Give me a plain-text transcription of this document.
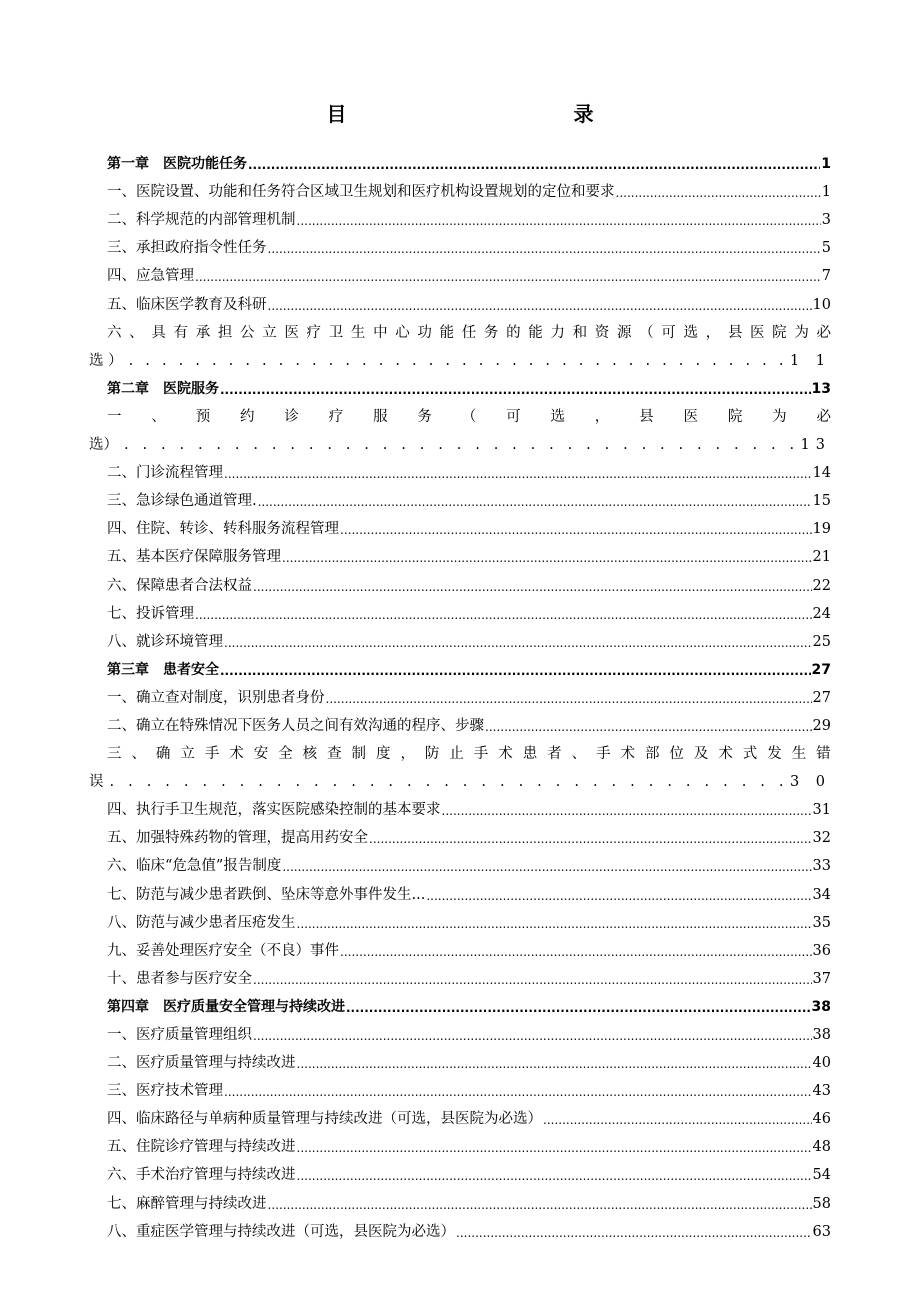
目 录
第一章　医院功能任务 .....	1
一、医院设置、功能和任务符合区域卫生规划和医疗机构设置规划的定位和要求 .....	1
二、科学规范的内部管理机制 .....	3
三、承担政府指令性任务 .....	5
四、应急管理 .....	7
五、临床医学教育及科研 .....	10
六 、 具 有 承 担 公 立 医 疗 卫 生 中 心 功 能 任 务 的 能 力 和 资 源 （ 可 选 ， 县 医 院 为 必
选 ） . . . . . . . . . . . . . . . . . . . . . . . . . . . . . . . . . . . . . . . . 1 1
第二章　医院服务 .....	13
一 、 预 约 诊 疗 服 务 （ 可 选 ， 县 医 院 为 必
选） . . . . . . . . . . . . . . . . . . . . . . . . . . . . . . . . . . . . . 13
二、门诊流程管理 .....	14
三、急诊绿色通道管理. .....	15
四、住院、转诊、转科服务流程管理 .....	19
五、基本医疗保障服务管理 .....	21
六、保障患者合法权益 .....	22
七、投诉管理 .....	24
八、就诊环境管理 .....	25
第三章　患者安全 .....	27
一、确立查对制度，识别患者身份 .....	27
二、确立在特殊情况下医务人员之间有效沟通的程序、步骤 .....	29
三 、 确 立 手 术 安 全 核 查 制 度 ， 防 止 手 术 患 者 、 手 术 部 位 及 术 式 发 生 错
误 . . . . . . . . . . . . . . . . . . . . . . . . . . . . . . . . . . . . . 3 0
四、执行手卫生规范，落实医院感染控制的基本要求 .....	31
五、加强特殊药物的管理，提高用药安全 .....	32
六、临床“危急值”报告制度 .....	33
七、防范与减少患者跌倒、坠床等意外事件发生... .....	34
八、防范与减少患者压疮发生 .....	35
九、妥善处理医疗安全（不良）事件 .....	36
十、患者参与医疗安全 .....	37
第四章　医疗质量安全管理与持续改进 .....	38
一、医疗质量管理组织 .....	38
二、医疗质量管理与持续改进 .....	40
三、医疗技术管理 .....	43
四、临床路径与单病种质量管理与持续改进（可选，县医院为必选） .....	46
五、住院诊疗管理与持续改进 .....	48
六、手术治疗管理与持续改进 .....	54
七、麻醉管理与持续改进 .....	58
八、重症医学管理与持续改进（可选，县医院为必选） .....	63
